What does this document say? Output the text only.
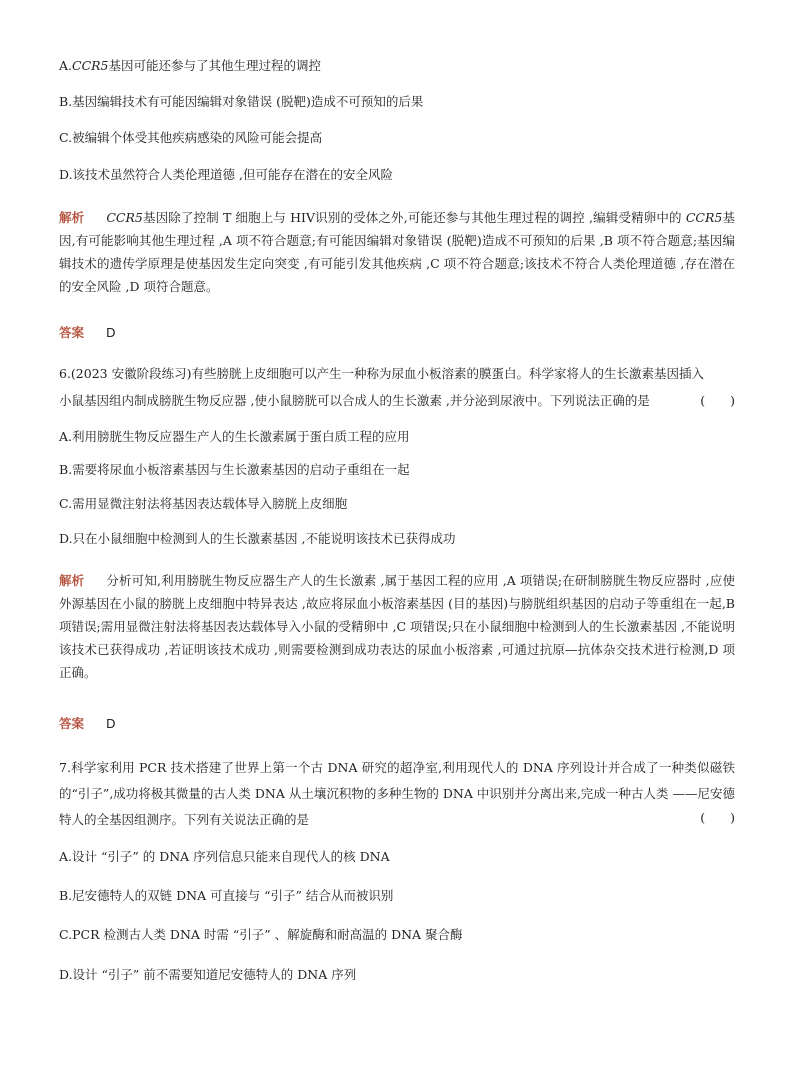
A.CCR5基因可能还参与了其他生理过程的调控
B.基因编辑技术有可能因编辑对象错误 (脱靶)造成不可预知的后果
C.被编辑个体受其他疾病感染的风险可能会提高
D.该技术虽然符合人类伦理道德 ,但可能存在潜在的安全风险
解析 CCR5基因除了控制 T 细胞上与 HIV识别的受体之外,可能还参与其他生理过程的调控 ,编辑受精卵中的 CCR5基因,有可能影响其他生理过程 ,A 项不符合题意;有可能因编辑对象错误 (脱靶)造成不可预知的后果 ,B 项不符合题意;基因编辑技术的遗传学原理是使基因发生定向突变 ,有可能引发其他疾病 ,C 项不符合题意;该技术不符合人类伦理道德 ,存在潜在的安全风险 ,D 项符合题意。
答案 D
6.(2023 安徽阶段练习)有些膀胱上皮细胞可以产生一种称为尿血小板溶素的膜蛋白。科学家将人的生长激素基因插入
小鼠基因组内制成膀胱生物反应器 ,使小鼠膀胱可以合成人的生长激素 ,并分泌到尿液中。下列说法正确的是	(　　)
A.利用膀胱生物反应器生产人的生长激素属于蛋白质工程的应用
B.需要将尿血小板溶素基因与生长激素基因的启动子重组在一起
C.需用显微注射法将基因表达载体导入膀胱上皮细胞
D.只在小鼠细胞中检测到人的生长激素基因 ,不能说明该技术已获得成功
解析 分析可知,利用膀胱生物反应器生产人的生长激素 ,属于基因工程的应用 ,A 项错误;在研制膀胱生物反应器时 ,应使外源基因在小鼠的膀胱上皮细胞中特异表达 ,故应将尿血小板溶素基因 (目的基因)与膀胱组织基因的启动子等重组在一起,B 项错误;需用显微注射法将基因表达载体导入小鼠的受精卵中 ,C 项错误;只在小鼠细胞中检测到人的生长激素基因 ,不能说明该技术已获得成功 ,若证明该技术成功 ,则需要检测到成功表达的尿血小板溶素 ,可通过抗原—抗体杂交技术进行检测,D 项正确。
答案 D
7.科学家利用 PCR 技术搭建了世界上第一个古 DNA 研究的超净室,利用现代人的 DNA 序列设计并合成了一种类似磁铁的“引子”,成功将极其微量的古人类 DNA 从土壤沉积物的多种生物的 DNA 中识别并分离出来,完成一种古人类 ——尼安德特人的全基因组测序。下列有关说法正确的是	(　　)
A.设计 “引子” 的 DNA 序列信息只能来自现代人的核 DNA
B.尼安德特人的双链 DNA 可直接与 “引子” 结合从而被识别
C.PCR 检测古人类 DNA 时需 “引子” 、解旋酶和耐高温的 DNA 聚合酶
D.设计 “引子” 前不需要知道尼安德特人的 DNA 序列
